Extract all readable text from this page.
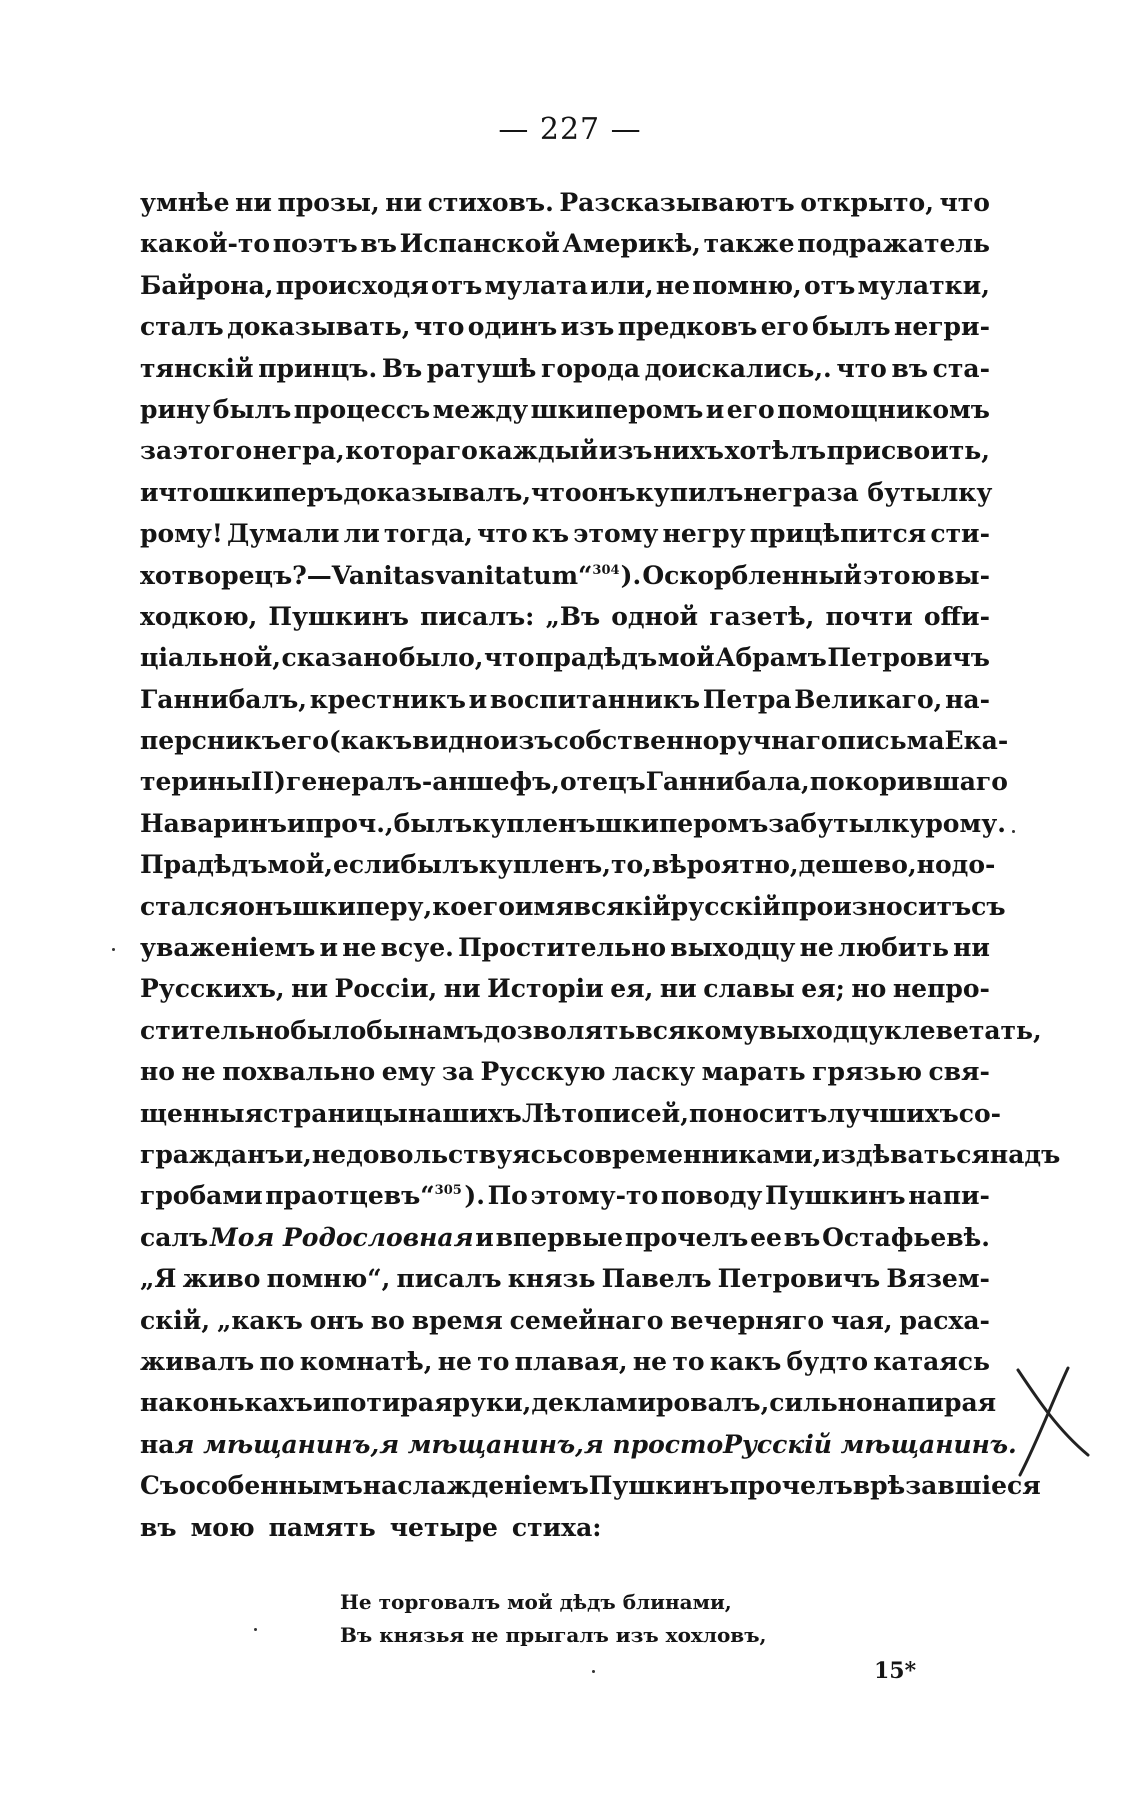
— 227 —
умнѣе ни прозы, ни стиховъ. Разсказываютъ открыто, что
какой-то поэтъ въ Испанской Америкѣ, также подражатель
Байрона, происходя отъ мулата или, не помню, отъ мулатки,
сталъ доказывать, что одинъ изъ предковъ его былъ негри-
тянскій принцъ. Въ ратушѣ города доискались,. что въ ста-
рину былъ процессъ между шкиперомъ и его помощникомъ
за этого негра, котораго каждый изъ нихъ хотѣлъ присвоить,
и что шкиперъ доказывалъ, что онъ купилъ негра за бутылку
рому! Думали ли тогда, что къ этому негру прицѣпится сти-
хотворецъ?—Vanitas vanitatum“$^{304}$ ). Оскорбленный этою вы-
ходкою, Пушкинъ писалъ: „Въ одной газетѣ, почти offи-
ціальной, сказано было, что прадѣдъ мой Абрамъ Петровичъ
Ганнибалъ, крестникъ и воспитанникъ Петра Великаго, на-
персникъ его (какъ видно изъ собственноручнаго письма Ека-
терины II) генералъ-аншефъ, отецъ Ганнибала, покорившаго
Наваринъ и проч., былъ купленъ шкиперомъ за бутылку рому.
Прадѣдъ мой, если былъ купленъ, то, вѣроятно, дешево, но до-
стался онъ шкиперу, коего имя всякій русскій произноситъ съ
уваженіемъ и не всуе. Простительно выходцу не любить ни
Русскихъ, ни Россіи, ни Исторіи ея, ни славы ея; но непро-
стительно было бы намъ дозволять всякому выходцу клеветать,
но не похвально ему за Русскую ласку марать грязью свя-
щенныя страницы нашихъ Лѣтописей, поноситъ лучшихъ со-
гражданъ и, не довольствуясь современниками, издѣваться надъ
гробами праотцевъ“$^{305}$ ). По этому-то поводу Пушкинъ напи-
салъ Моя Родословная и впервые прочелъ ее въ Остафьевѣ.
„Я живо помню“, писалъ князь Павелъ Петровичъ Вязем-
скій, „какъ онъ во время семейнаго вечерняго чая, расха-
живалъ по комнатѣ, не то плавая, не то какъ будто катаясь
на конькахъ и потирая руки, декламировалъ, сильно напирая
на я мѣщанинъ, я мѣщанинъ, я просто Русскій мѣщанинъ.
Съ особеннымъ наслажденіемъ Пушкинъ прочелъ врѣзавшіеся
въ мою память четыре стиха:
Не торговалъ мой дѣдъ блинами,
Въ князья не прыгалъ изъ хохловъ,
15*
